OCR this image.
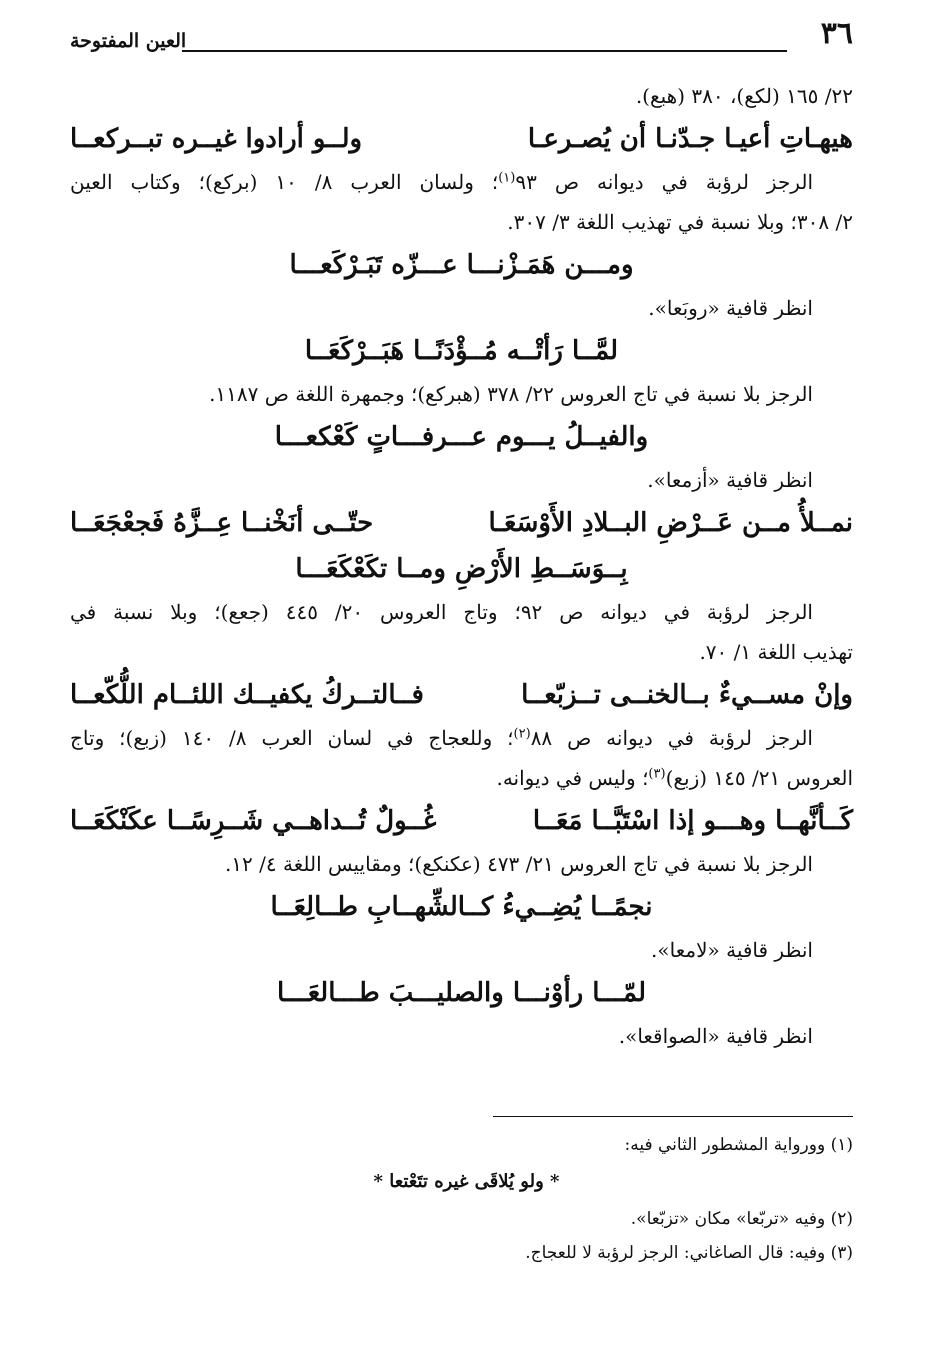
٣٦
العين المفتوحة
٢٢/ ١٦٥ (لكع)، ٣٨٠ (هبع).
هيهـاتِ أعيـا جـدّنـا أن يُصـرعـا
ولــو أرادوا غيــره تبــركعــا
الرجز لرؤبة في ديوانه ص ٩٣$^{(١)}$؛ ولسان العرب ٨/ ١٠ (بركع)؛ وكتاب العين
٢/ ٣٠٨؛ وبلا نسبة في تهذيب اللغة ٣/ ٣٠٧.
ومـــن هَمَـزْنـــا عـــزّه تَبَـرْكَعـــا
انظر قافية «روبَعا».
لمَّــا رَأتْــه مُــؤْدَنًــا هَبَــرْكَعَــا
الرجز بلا نسبة في تاج العروس ٢٢/ ٣٧٨ (هبركع)؛ وجمهرة اللغة ص ١١٨٧.
والفيــلُ يـــوم عـــرفـــاتٍ كَعْكعـــا
انظر قافية «أزمعا».
نمــلأُ مــن عَــرْضِ البــلادِ الأَوْسَعَـا
حتّــى أنَخْنــا عِــزَّهُ فَجعْجَعَــا
بِــوَسَــطِ الأَرْضِ ومــا تكَعْكَعَـــا
الرجز لرؤبة في ديوانه ص ٩٢؛ وتاج العروس ٢٠/ ٤٤٥ (جعع)؛ وبلا نسبة في
تهذيب اللغة ١/ ٧٠.
وإنْ مســيءٌ بــالخنــى تــزبّعــا
فــالتــركُ يكفيــك اللئــام اللُّكّعــا
الرجز لرؤبة في ديوانه ص ٨٨$^{(٢)}$؛ وللعجاج في لسان العرب ٨/ ١٤٠ (زبع)؛ وتاج
العروس ٢١/ ١٤٥ (زبع)$^{(٣)}$؛ وليس في ديوانه.
كَــأنَّهــا وهـــو إذا اسْتَبَّــا مَعَــا
غُــولٌ تُــداهــي شَــرِسًــا عكَنْكَعَــا
الرجز بلا نسبة في تاج العروس ٢١/ ٤٧٣ (عكنكع)؛ ومقاييس اللغة ٤/ ١٢.
نجمًــا يُضِــيءُ كــالشِّهــابِ طــالِعَــا
انظر قافية «لامعا».
لمّـــا رأوْنـــا والصليـــبَ طـــالعَـــا
انظر قافية «الصواقعا».
(١) وورواية المشطور الثاني فيه:
* ولو يُلاقَى غيره تتَعْتعا *
(٢) وفيه «تربّعا» مكان «تزبّعا».
(٣) وفيه: قال الصاغاني: الرجز لرؤبة لا للعجاج.
